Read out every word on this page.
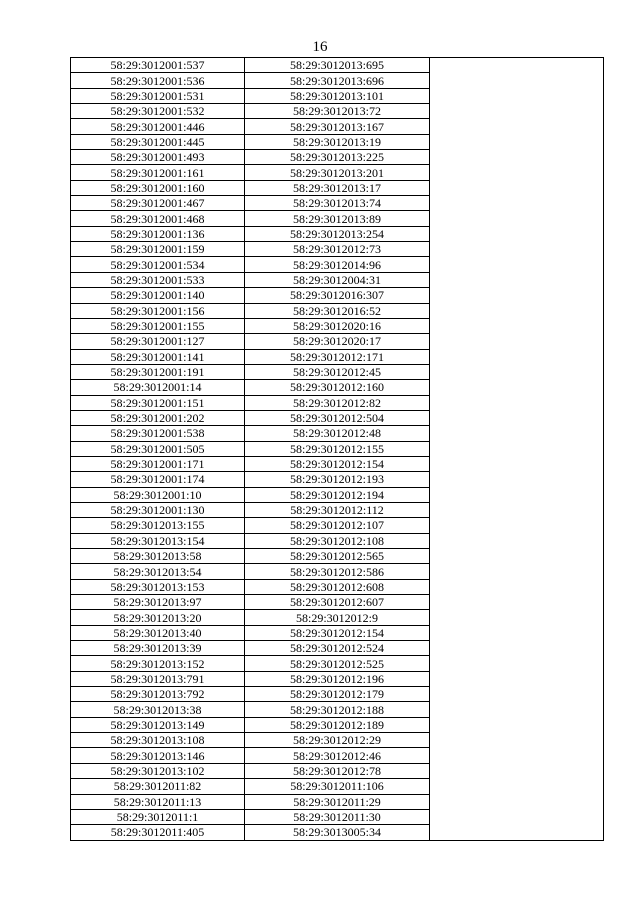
16
58:29:3012001:537	58:29:3012013:695	
58:29:3012001:536	58:29:3012013:696	
58:29:3012001:531	58:29:3012013:101	
58:29:3012001:532	58:29:3012013:72	
58:29:3012001:446	58:29:3012013:167	
58:29:3012001:445	58:29:3012013:19	
58:29:3012001:493	58:29:3012013:225	
58:29:3012001:161	58:29:3012013:201	
58:29:3012001:160	58:29:3012013:17	
58:29:3012001:467	58:29:3012013:74	
58:29:3012001:468	58:29:3012013:89	
58:29:3012001:136	58:29:3012013:254	
58:29:3012001:159	58:29:3012012:73	
58:29:3012001:534	58:29:3012014:96	
58:29:3012001:533	58:29:3012004:31	
58:29:3012001:140	58:29:3012016:307	
58:29:3012001:156	58:29:3012016:52	
58:29:3012001:155	58:29:3012020:16	
58:29:3012001:127	58:29:3012020:17	
58:29:3012001:141	58:29:3012012:171	
58:29:3012001:191	58:29:3012012:45	
58:29:3012001:14	58:29:3012012:160	
58:29:3012001:151	58:29:3012012:82	
58:29:3012001:202	58:29:3012012:504	
58:29:3012001:538	58:29:3012012:48	
58:29:3012001:505	58:29:3012012:155	
58:29:3012001:171	58:29:3012012:154	
58:29:3012001:174	58:29:3012012:193	
58:29:3012001:10	58:29:3012012:194	
58:29:3012001:130	58:29:3012012:112	
58:29:3012013:155	58:29:3012012:107	
58:29:3012013:154	58:29:3012012:108	
58:29:3012013:58	58:29:3012012:565	
58:29:3012013:54	58:29:3012012:586	
58:29:3012013:153	58:29:3012012:608	
58:29:3012013:97	58:29:3012012:607	
58:29:3012013:20	58:29:3012012:9	
58:29:3012013:40	58:29:3012012:154	
58:29:3012013:39	58:29:3012012:524	
58:29:3012013:152	58:29:3012012:525	
58:29:3012013:791	58:29:3012012:196	
58:29:3012013:792	58:29:3012012:179	
58:29:3012013:38	58:29:3012012:188	
58:29:3012013:149	58:29:3012012:189	
58:29:3012013:108	58:29:3012012:29	
58:29:3012013:146	58:29:3012012:46	
58:29:3012013:102	58:29:3012012:78	
58:29:3012011:82	58:29:3012011:106	
58:29:3012011:13	58:29:3012011:29	
58:29:3012011:1	58:29:3012011:30	
58:29:3012011:405	58:29:3013005:34	
